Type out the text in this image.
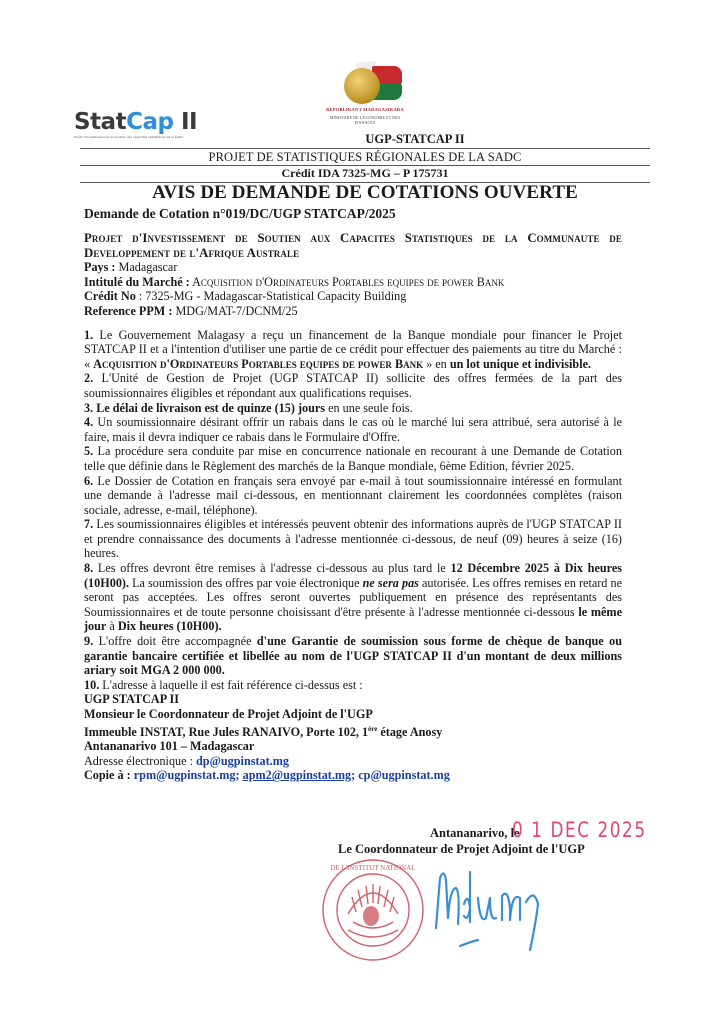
REPOBLIKAN'I MADAGASIKARA
MINISTERE DE L'ECONOMIE ET DES FINANCES
StatCap II
Projet d'investissement au soutien des capacités statistiques de la SADC	UGP-STATCAP II
PROJET DE STATISTIQUES RÉGIONALES DE LA SADC
Crédit IDA 7325-MG – P 175731
AVIS DE DEMANDE DE COTATIONS OUVERTE
Demande de Cotation n°019/DC/UGP STATCAP/2025

Projet d'Investissement de Soutien aux Capacites Statistiques de la Communaute de Developpement de l'Afrique Australe

Pays : Madagascar

Intitulé du Marché : Acquisition d'Ordinateurs Portables equipes de power Bank

Crédit No : 7325-MG - Madagascar-Statistical Capacity Building

Reference PPM : MDG/MAT-7/DCNM/25

1. Le Gouvernement Malagasy a reçu un financement de la Banque mondiale pour financer le Projet STATCAP II et a l'intention d'utiliser une partie de ce crédit pour effectuer des paiements au titre du Marché : « Acquisition d'Ordinateurs Portables equipes de power Bank » en un lot unique et indivisible.

2. L'Unité de Gestion de Projet (UGP STATCAP II) sollicite des offres fermées de la part des soumissionnaires éligibles et répondant aux qualifications requises.

3. Le délai de livraison est de quinze (15) jours en une seule fois.

4. Un soumissionnaire désirant offrir un rabais dans le cas où le marché lui sera attribué, sera autorisé à le faire, mais il devra indiquer ce rabais dans le Formulaire d'Offre.

5. La procédure sera conduite par mise en concurrence nationale en recourant à une Demande de Cotation telle que définie dans le Règlement des marchés de la Banque mondiale, 6ème Edition, février 2025.

6. Le Dossier de Cotation en français sera envoyé par e-mail à tout soumissionnaire intéressé en formulant une demande à l'adresse mail ci-dessous, en mentionnant clairement les coordonnées complètes (raison sociale, adresse, e-mail, téléphone).

7. Les soumissionnaires éligibles et intéressés peuvent obtenir des informations auprès de l'UGP STATCAP II et prendre connaissance des documents à l'adresse mentionnée ci-dessous, de neuf (09) heures à seize (16) heures.

8. Les offres devront être remises à l'adresse ci-dessous au plus tard le 12 Décembre 2025 à Dix heures (10H00). La soumission des offres par voie électronique ne sera pas autorisée. Les offres remises en retard ne seront pas acceptées. Les offres seront ouvertes publiquement en présence des représentants des Soumissionnaires et de toute personne choisissant d'être présente à l'adresse mentionnée ci-dessous le même jour à Dix heures (10H00).

9. L'offre doit être accompagnée d'une Garantie de soumission sous forme de chèque de banque ou garantie bancaire certifiée et libellée au nom de l'UGP STATCAP II d'un montant de deux millions ariary soit MGA 2 000 000.

10. L'adresse à laquelle il est fait référence ci-dessus est :

UGP STATCAP II

Monsieur le Coordonnateur de Projet Adjoint de l'UGP

Immeuble INSTAT, Rue Jules RANAIVO, Porte 102, 1ère étage Anosy

Antananarivo 101 – Madagascar

Adresse électronique : dp@ugpinstat.mg

Copie à : rpm@ugpinstat.mg; apm2@ugpinstat.mg; cp@ugpinstat.mg

Antananarivo, le
0 1 DEC 2025
Le Coordonnateur de Projet Adjoint de l'UGP
DE L'INSTITUT NATIONAL
